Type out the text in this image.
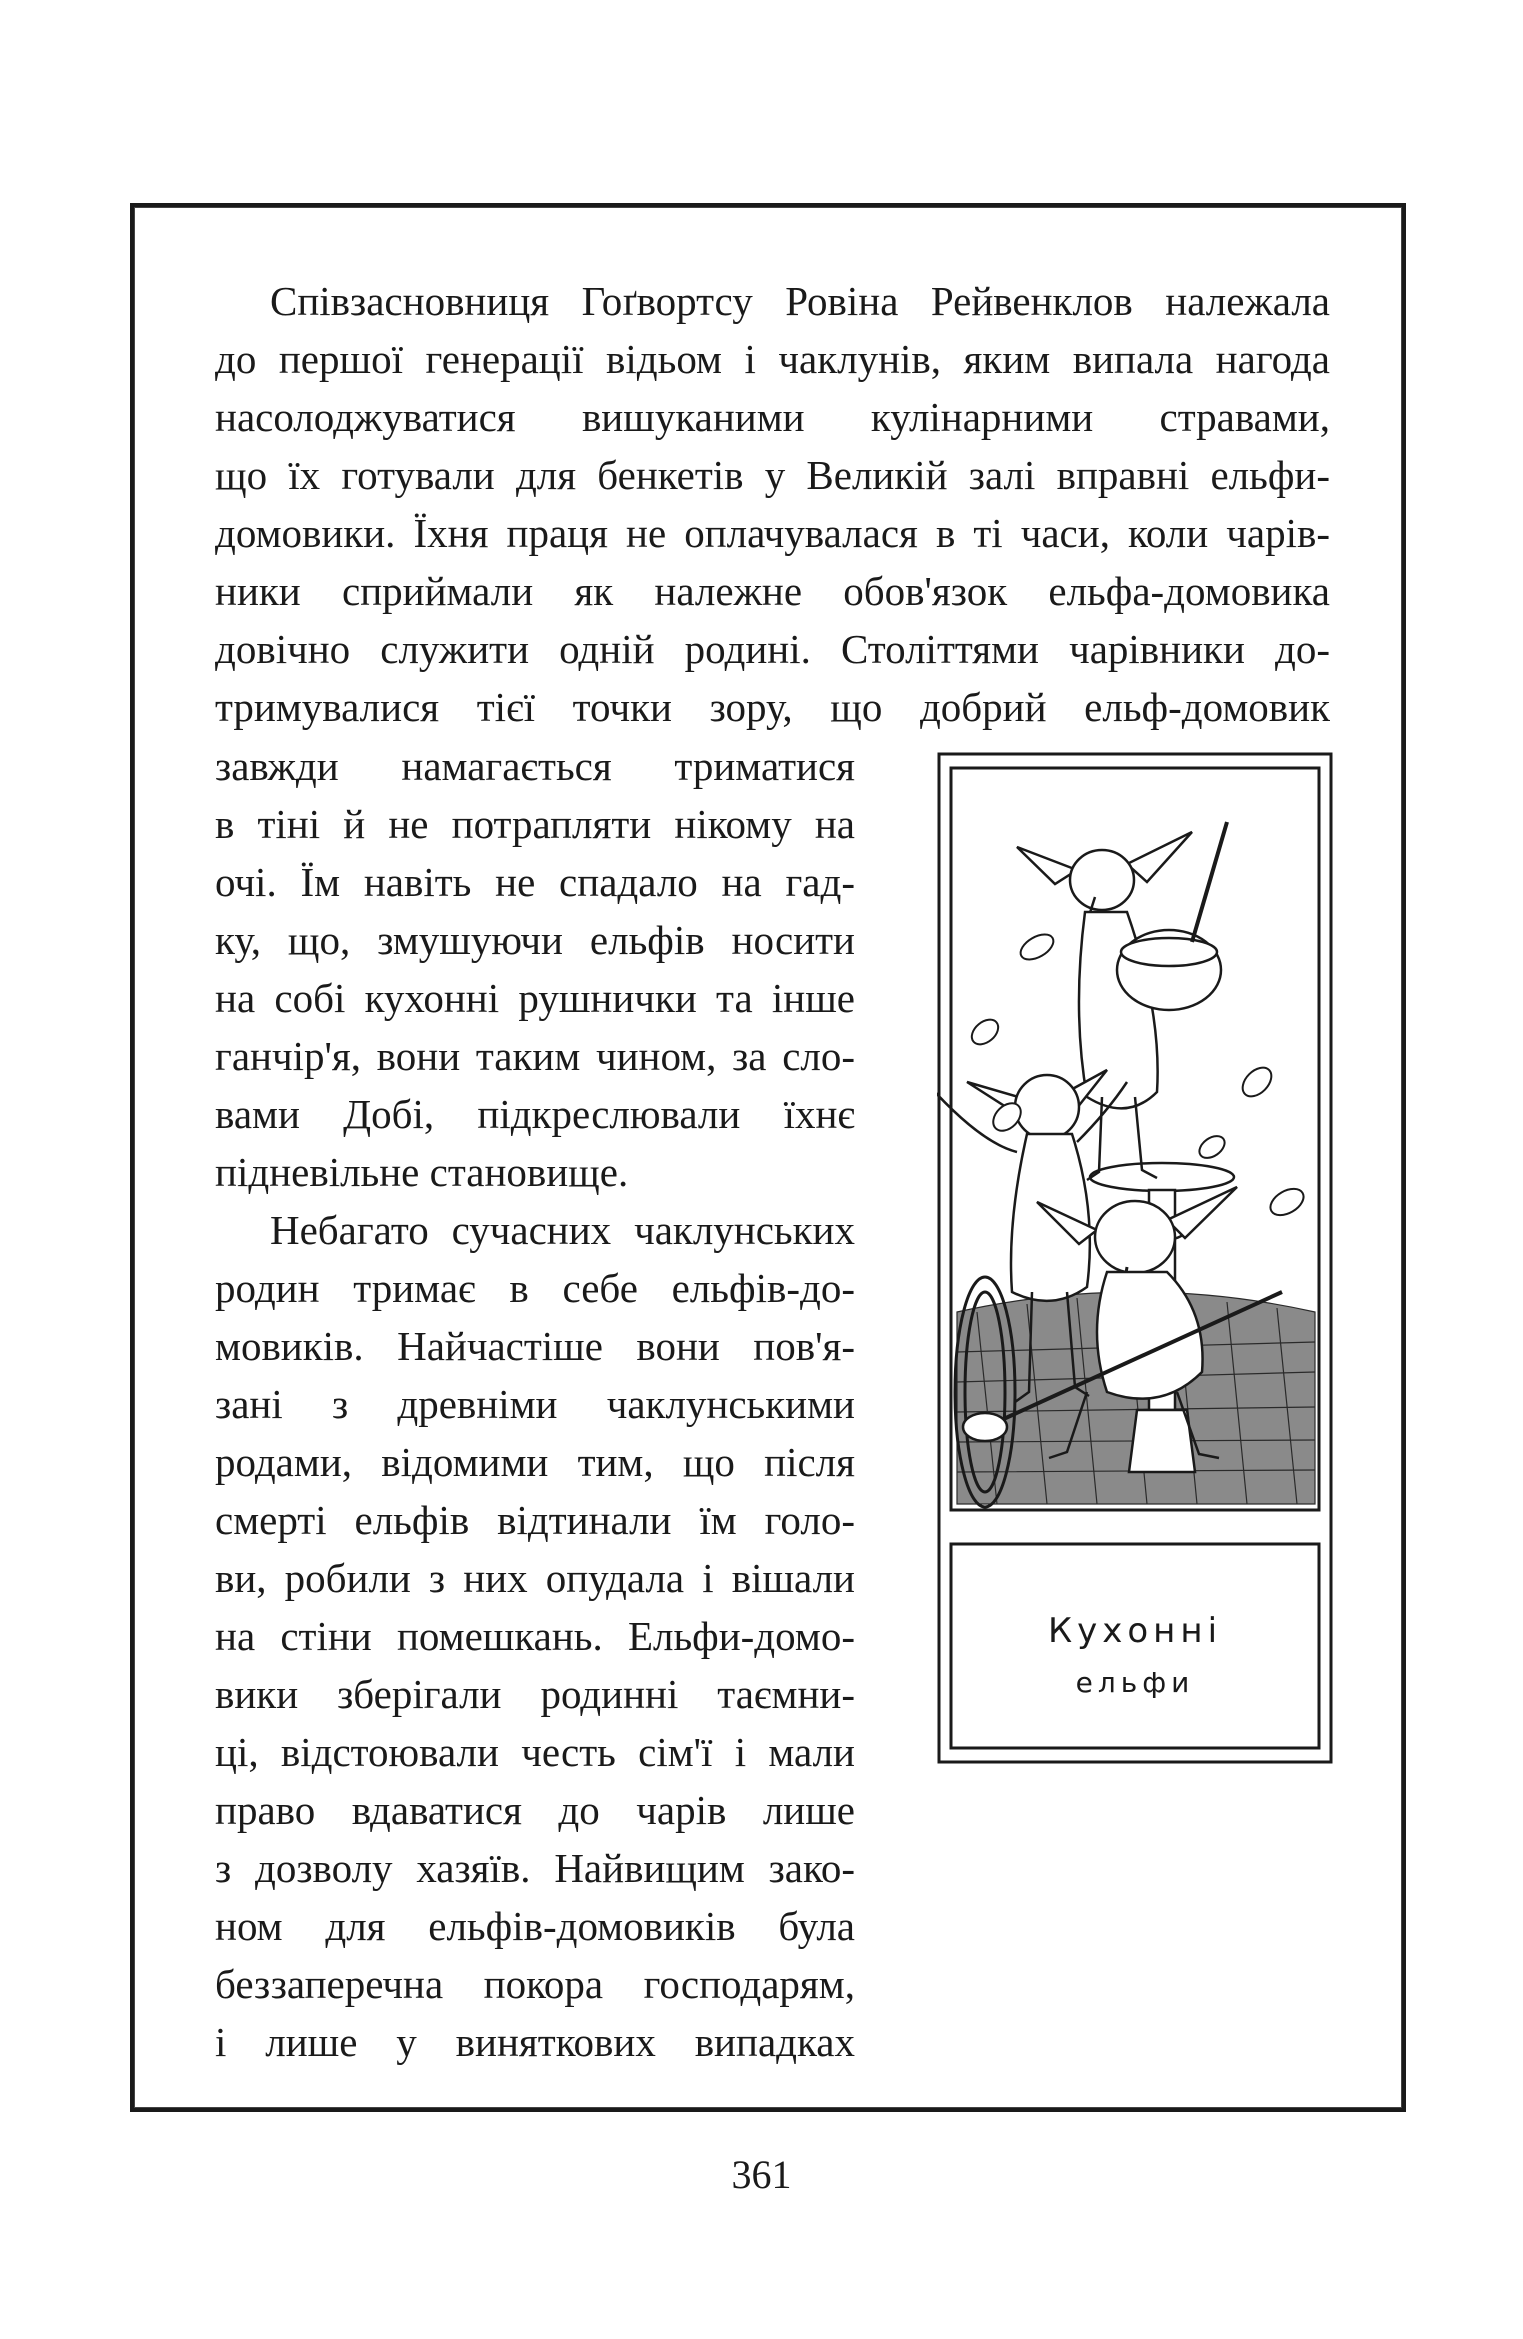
Співзасновниця Гоґвортсу Ровіна Рейвенклов належала
до першої генерації відьом і чаклунів, яким випала нагода
насолоджуватися вишуканими кулінарними стравами,
що їх готували для бенкетів у Великій залі вправні ельфи-
домовики. Їхня праця не оплачувалася в ті часи, коли чарів-
ники сприймали як належне обов'язок ельфа-домовика
довічно служити одній родині. Століттями чарівники до-
тримувалися тієї точки зору, що добрий ельф-домовик
завжди намагається триматися
в тіні й не потрапляти нікому на
очі. Їм навіть не спадало на гад-
ку, що, змушуючи ельфів носити
на собі кухонні рушнички та інше
ганчір'я, вони таким чином, за сло-
вами Добі, підкреслювали їхнє
підневільне становище.
Небагато сучасних чаклунських
родин тримає в себе ельфів-до-
мовиків. Найчастіше вони пов'я-
зані з древніми чаклунськими
родами, відомими тим, що після
смерті ельфів відтинали їм голо-
ви, робили з них опудала і вішали
на стіни помешкань. Ельфи-домо-
вики зберігали родинні таємни-
ці, відстоювали честь сім'ї і мали
право вдаватися до чарів лише
з дозволу хазяїв. Найвищим зако-
ном для ельфів-домовиків була
беззаперечна покора господарям,
і лише у виняткових випадках
Кухонні
ельфи
361
